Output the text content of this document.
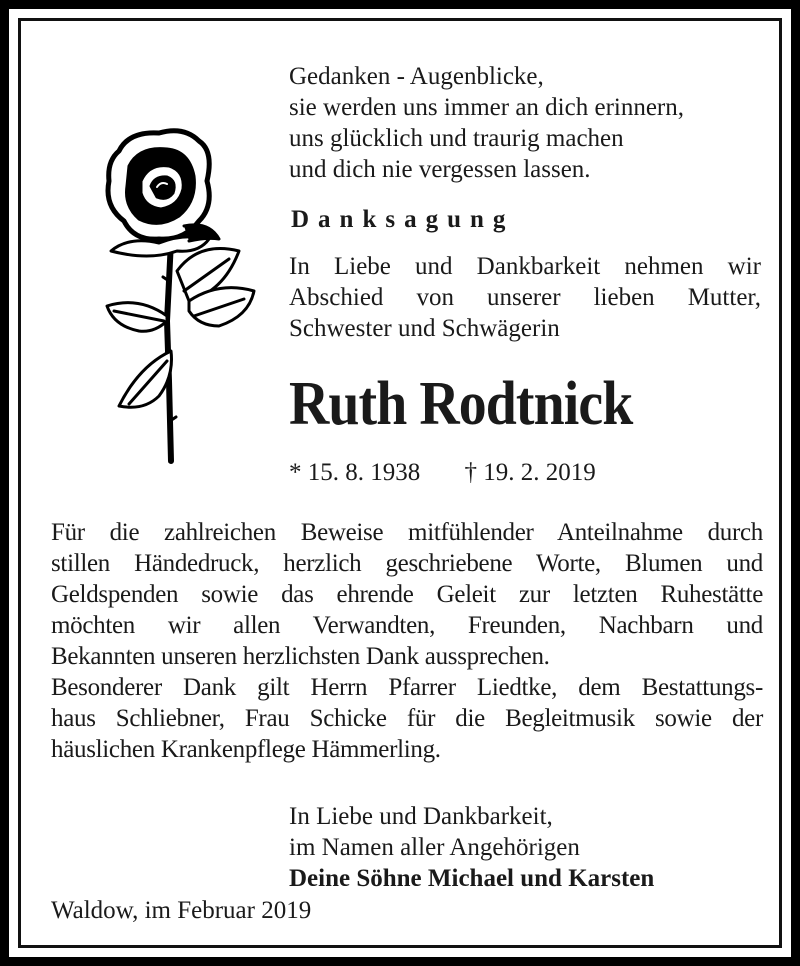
Gedanken - Augenblicke,
sie werden uns immer an dich erinnern,
uns glücklich und traurig machen
und dich nie vergessen lassen.
Danksagung
In Liebe und Dankbarkeit nehmen wir
Abschied von unserer lieben Mutter,
Schwester und Schwägerin
Ruth Rodtnick
* 15. 8. 1938 † 19. 2. 2019
Für die zahlreichen Beweise mitfühlender Anteilnahme durch
stillen Händedruck, herzlich geschriebene Worte, Blumen und
Geldspenden sowie das ehrende Geleit zur letzten Ruhestätte
möchten wir allen Verwandten, Freunden, Nachbarn und
Bekannten unseren herzlichsten Dank aussprechen.
Besonderer Dank gilt Herrn Pfarrer Liedtke, dem Bestattungs-
haus Schliebner, Frau Schicke für die Begleitmusik sowie der
häuslichen Krankenpflege Hämmerling.
In Liebe und Dankbarkeit,
im Namen aller Angehörigen
Deine Söhne Michael und Karsten
Waldow, im Februar 2019
